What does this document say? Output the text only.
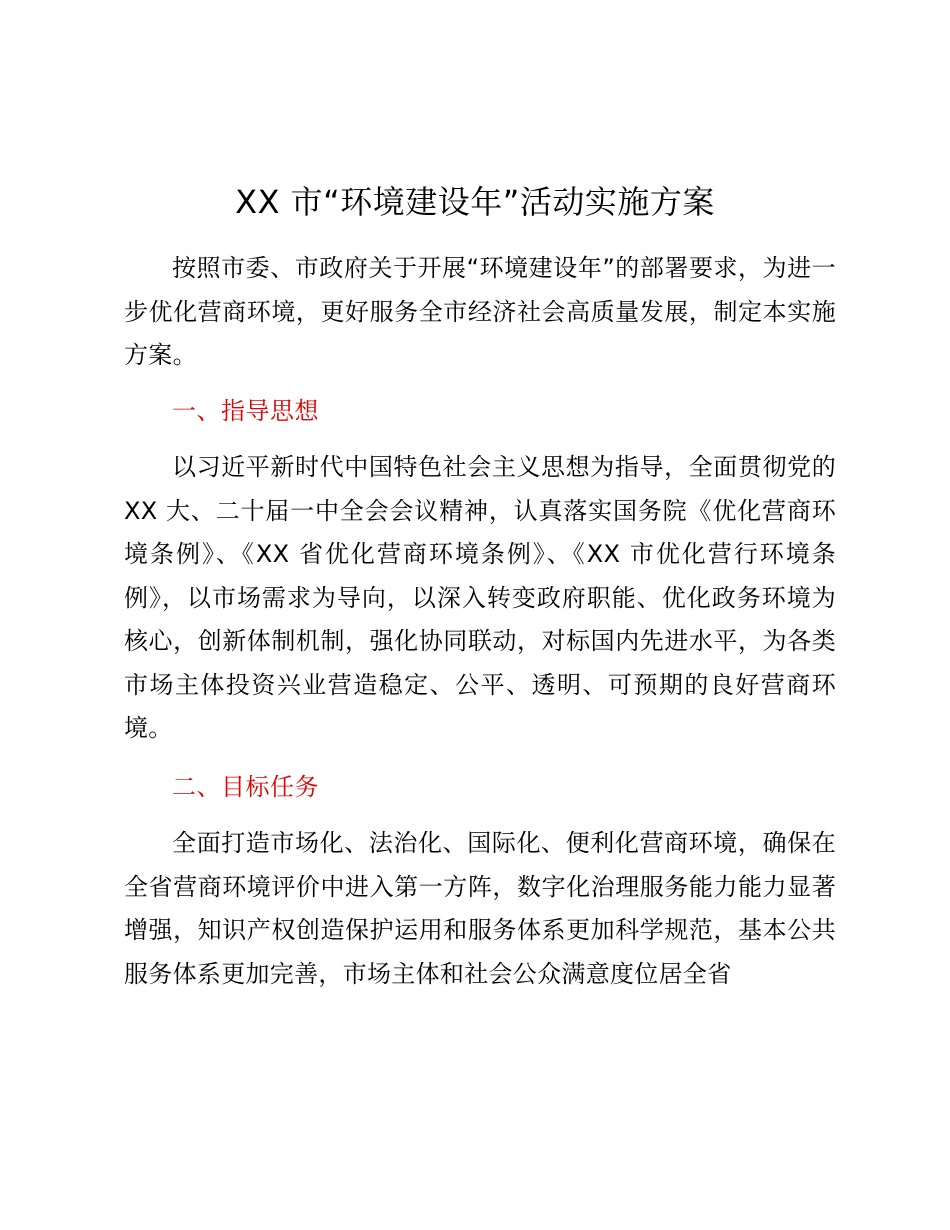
XX 市“环境建设年”活动实施方案

按照市委、市政府关于开展“环境建设年”的部署要求，为进一步优化营商环境，更好服务全市经济社会高质量发展，制定本实施方案。

一、指导思想

以习近平新时代中国特色社会主义思想为指导，全面贯彻党的 XX 大、二十届一中全会会议精神，认真落实国务院《优化营商环境条例》、《XX 省优化营商环境条例》、《XX 市优化营行环境条例》，以市场需求为导向，以深入转变政府职能、优化政务环境为核心，创新体制机制，强化协同联动，对标国内先进水平，为各类市场主体投资兴业营造稳定、公平、透明、可预期的良好营商环境。

二、目标任务

全面打造市场化、法治化、国际化、便利化营商环境，确保在全省营商环境评价中进入第一方阵，数字化治理服务能力能力显著增强，知识产权创造保护运用和服务体系更加科学规范，基本公共服务体系更加完善，市场主体和社会公众满意度位居全省
